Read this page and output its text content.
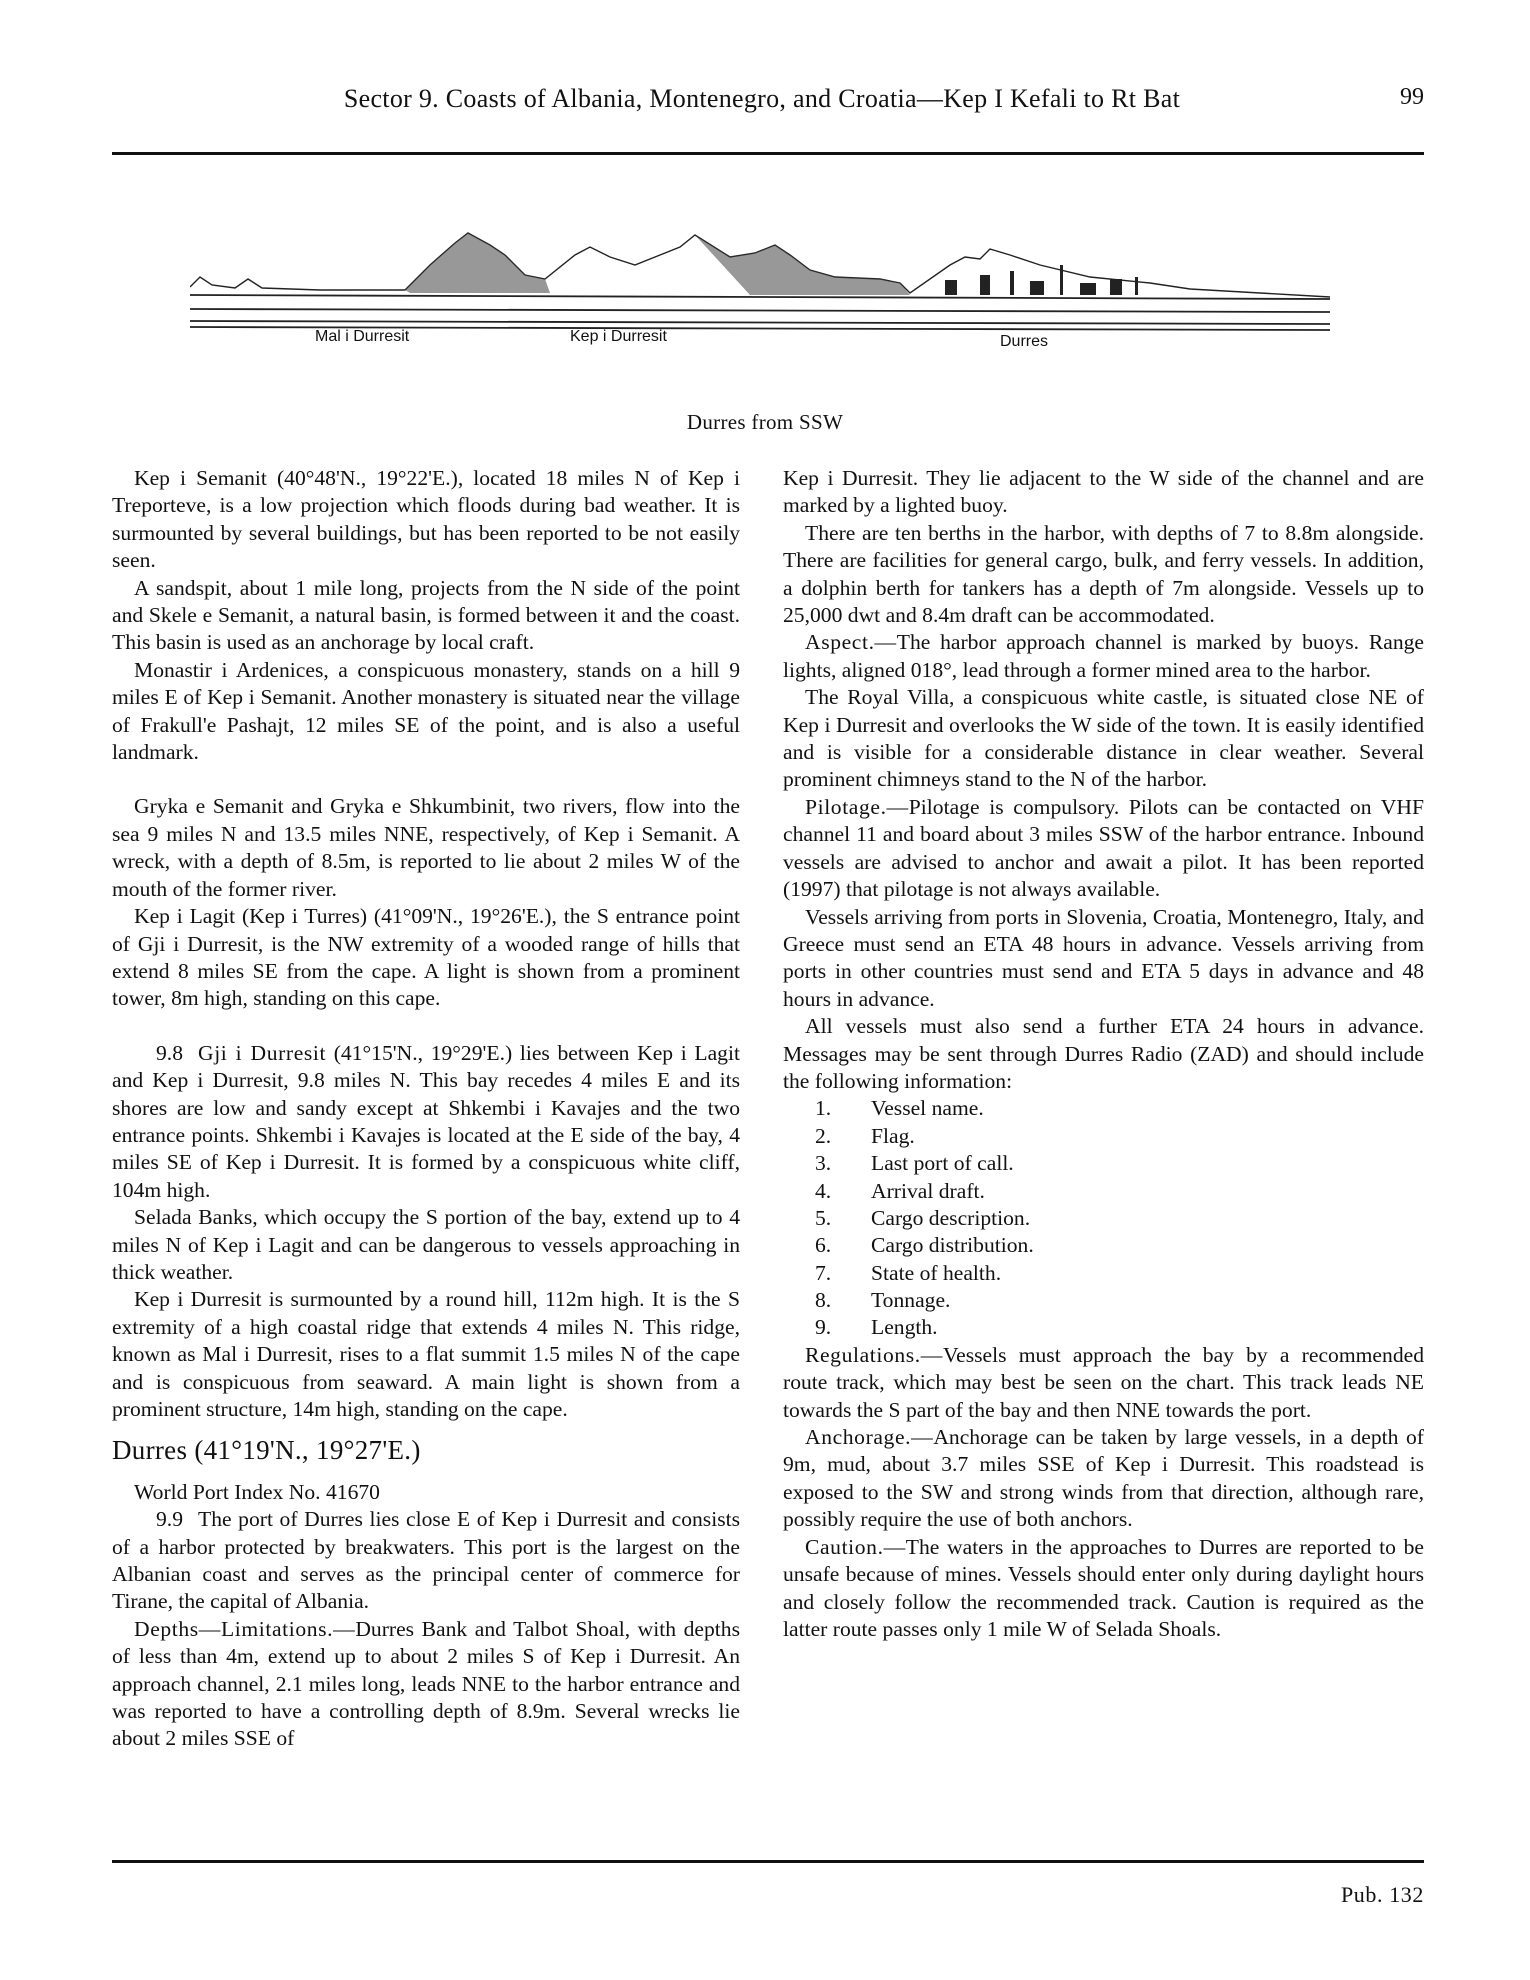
Sector 9. Coasts of Albania, Montenegro, and Croatia—Kep I Kefali to Rt Bat	99
Mal i Durresit	Kep i Durresit	Durres
Durres from SSW

Kep i Semanit (40°48'N., 19°22'E.), located 18 miles N of Kep i Treporteve, is a low projection which floods during bad weather. It is surmounted by several buildings, but has been reported to be not easily seen.

A sandspit, about 1 mile long, projects from the N side of the point and Skele e Semanit, a natural basin, is formed between it and the coast. This basin is used as an anchorage by local craft.

Monastir i Ardenices, a conspicuous monastery, stands on a hill 9 miles E of Kep i Semanit. Another monastery is situated near the village of Frakull'e Pashajt, 12 miles SE of the point, and is also a useful landmark.

Gryka e Semanit and Gryka e Shkumbinit, two rivers, flow into the sea 9 miles N and 13.5 miles NNE, respectively, of Kep i Semanit. A wreck, with a depth of 8.5m, is reported to lie about 2 miles W of the mouth of the former river.

Kep i Lagit (Kep i Turres) (41°09'N., 19°26'E.), the S entrance point of Gji i Durresit, is the NW extremity of a wooded range of hills that extend 8 miles SE from the cape. A light is shown from a prominent tower, 8m high, standing on this cape.

9.8 Gji i Durresit (41°15'N., 19°29'E.) lies between Kep i Lagit and Kep i Durresit, 9.8 miles N. This bay recedes 4 miles E and its shores are low and sandy except at Shkembi i Kavajes and the two entrance points. Shkembi i Kavajes is located at the E side of the bay, 4 miles SE of Kep i Durresit. It is formed by a conspicuous white cliff, 104m high.

Selada Banks, which occupy the S portion of the bay, extend up to 4 miles N of Kep i Lagit and can be dangerous to vessels approaching in thick weather.

Kep i Durresit is surmounted by a round hill, 112m high. It is the S extremity of a high coastal ridge that extends 4 miles N. This ridge, known as Mal i Durresit, rises to a flat summit 1.5 miles N of the cape and is conspicuous from seaward. A main light is shown from a prominent structure, 14m high, standing on the cape.

Durres (41°19'N., 19°27'E.)

World Port Index No. 41670

9.9 The port of Durres lies close E of Kep i Durresit and consists of a harbor protected by breakwaters. This port is the largest on the Albanian coast and serves as the principal center of commerce for Tirane, the capital of Albania.

Depths—Limitations.—Durres Bank and Talbot Shoal, with depths of less than 4m, extend up to about 2 miles S of Kep i Durresit. An approach channel, 2.1 miles long, leads NNE to the harbor entrance and was reported to have a controlling depth of 8.9m. Several wrecks lie about 2 miles SSE of

Kep i Durresit. They lie adjacent to the W side of the channel and are marked by a lighted buoy.

There are ten berths in the harbor, with depths of 7 to 8.8m alongside. There are facilities for general cargo, bulk, and ferry vessels. In addition, a dolphin berth for tankers has a depth of 7m alongside. Vessels up to 25,000 dwt and 8.4m draft can be accommodated.

Aspect.—The harbor approach channel is marked by buoys. Range lights, aligned 018°, lead through a former mined area to the harbor.

The Royal Villa, a conspicuous white castle, is situated close NE of Kep i Durresit and overlooks the W side of the town. It is easily identified and is visible for a considerable distance in clear weather. Several prominent chimneys stand to the N of the harbor.

Pilotage.—Pilotage is compulsory. Pilots can be contacted on VHF channel 11 and board about 3 miles SSW of the harbor entrance. Inbound vessels are advised to anchor and await a pilot. It has been reported (1997) that pilotage is not always available.

Vessels arriving from ports in Slovenia, Croatia, Montenegro, Italy, and Greece must send an ETA 48 hours in advance. Vessels arriving from ports in other countries must send and ETA 5 days in advance and 48 hours in advance.

All vessels must also send a further ETA 24 hours in advance. Messages may be sent through Durres Radio (ZAD) and should include the following information:

1. Vessel name.
2. Flag.
3. Last port of call.
4. Arrival draft.
5. Cargo description.
6. Cargo distribution.
7. State of health.
8. Tonnage.
9. Length.

Regulations.—Vessels must approach the bay by a recommended route track, which may best be seen on the chart. This track leads NE towards the S part of the bay and then NNE towards the port.

Anchorage.—Anchorage can be taken by large vessels, in a depth of 9m, mud, about 3.7 miles SSE of Kep i Durresit. This roadstead is exposed to the SW and strong winds from that direction, although rare, possibly require the use of both anchors.

Caution.—The waters in the approaches to Durres are reported to be unsafe because of mines. Vessels should enter only during daylight hours and closely follow the recommended track. Caution is required as the latter route passes only 1 mile W of Selada Shoals.

Pub. 132
